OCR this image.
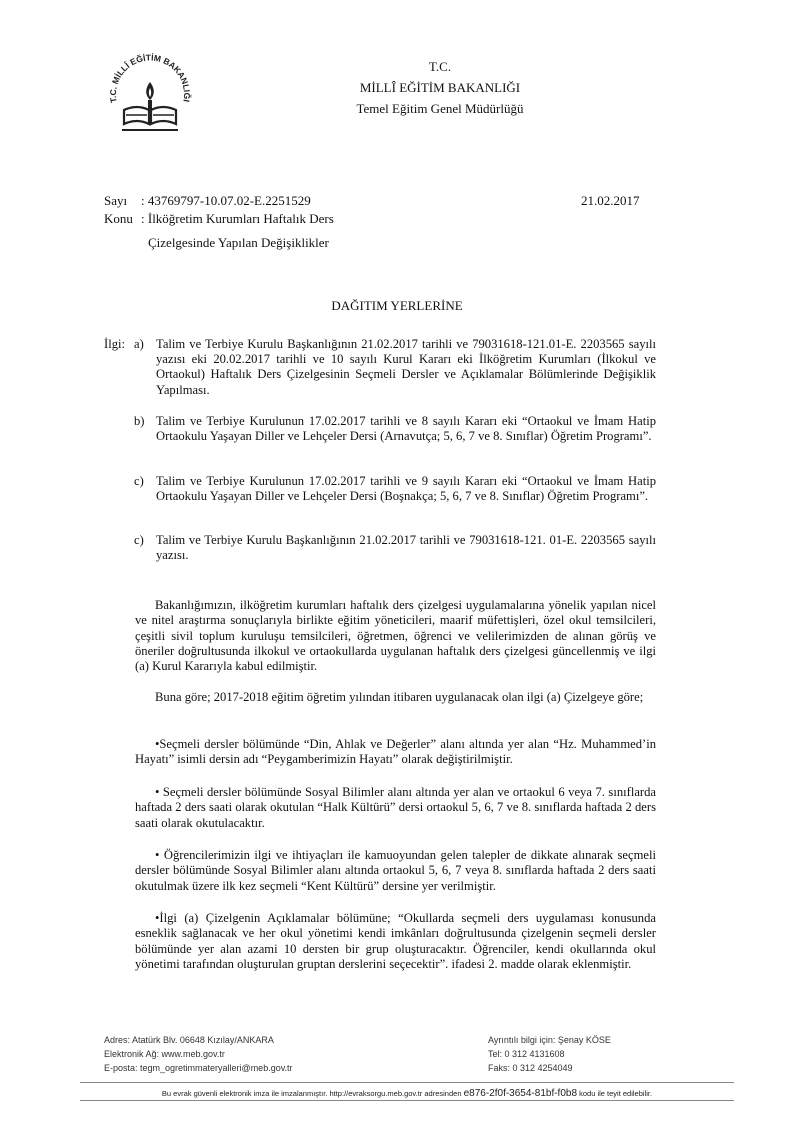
T.C. MİLLÎ EĞİTİM BAKANLIĞI
T.C.
MİLLÎ EĞİTİM BAKANLIĞI
Temel Eğitim Genel Müdürlüğü
Sayı : 43769797-10.07.02-E.2251529	21.02.2017
Konu : İlköğretim Kurumları Haftalık Ders
Çizelgesinde Yapılan Değişiklikler
DAĞITIM YERLERİNE
İlgi: a) Talim ve Terbiye Kurulu Başkanlığının 21.02.2017 tarihli ve 79031618-121.01-E. 2203565 sayılı yazısı eki 20.02.2017 tarihli ve 10 sayılı Kurul Kararı eki İlköğretim Kurumları (İlkokul ve Ortaokul) Haftalık Ders Çizelgesinin Seçmeli Dersler ve Açıklamalar Bölümlerinde Değişiklik Yapılması.
b) Talim ve Terbiye Kurulunun 17.02.2017 tarihli ve 8 sayılı Kararı eki “Ortaokul ve İmam Hatip Ortaokulu Yaşayan Diller ve Lehçeler Dersi (Arnavutça; 5, 6, 7 ve 8. Sınıflar) Öğretim Programı”.
c) Talim ve Terbiye Kurulunun 17.02.2017 tarihli ve 9 sayılı Kararı eki “Ortaokul ve İmam Hatip Ortaokulu Yaşayan Diller ve Lehçeler Dersi (Boşnakça; 5, 6, 7 ve 8. Sınıflar) Öğretim Programı”.
c) Talim ve Terbiye Kurulu Başkanlığının 21.02.2017 tarihli ve 79031618-121. 01-E. 2203565 sayılı yazısı.
Bakanlığımızın, ilköğretim kurumları haftalık ders çizelgesi uygulamalarına yönelik yapılan nicel ve nitel araştırma sonuçlarıyla birlikte eğitim yöneticileri, maarif müfettişleri, özel okul temsilcileri, çeşitli sivil toplum kuruluşu temsilcileri, öğretmen, öğrenci ve velilerimizden de alınan görüş ve öneriler doğrultusunda ilkokul ve ortaokullarda uygulanan haftalık ders çizelgesi güncellenmiş ve ilgi (a) Kurul Kararıyla kabul edilmiştir.
Buna göre; 2017-2018 eğitim öğretim yılından itibaren uygulanacak olan ilgi (a) Çizelgeye göre;
•Seçmeli dersler bölümünde “Din, Ahlak ve Değerler” alanı altında yer alan “Hz. Muhammed’in Hayatı” isimli dersin adı “Peygamberimizin Hayatı” olarak değiştirilmiştir.
• Seçmeli dersler bölümünde Sosyal Bilimler alanı altında yer alan ve ortaokul 6 veya 7. sınıflarda haftada 2 ders saati olarak okutulan “Halk Kültürü” dersi ortaokul 5, 6, 7 ve 8. sınıflarda haftada 2 ders saati olarak okutulacaktır.
• Öğrencilerimizin ilgi ve ihtiyaçları ile kamuoyundan gelen talepler de dikkate alınarak seçmeli dersler bölümünde Sosyal Bilimler alanı altında ortaokul 5, 6, 7 veya 8. sınıflarda haftada 2 ders saati okutulmak üzere ilk kez seçmeli “Kent Kültürü” dersine yer verilmiştir.
•İlgi (a) Çizelgenin Açıklamalar bölümüne; “Okullarda seçmeli ders uygulaması konusunda esneklik sağlanacak ve her okul yönetimi kendi imkânları doğrultusunda çizelgenin seçmeli dersler bölümünde yer alan azami 10 dersten bir grup oluşturacaktır. Öğrenciler, kendi okullarında okul yönetimi tarafından oluşturulan gruptan derslerini seçecektir”. ifadesi 2. madde olarak eklenmiştir.
Adres: Atatürk Blv. 06648 Kızılay/ANKARA
Elektronik Ağ: www.meb.gov.tr
E-posta: tegm_ogretimmateryalleri@meb.gov.tr
Ayrıntılı bilgi için: Şenay KÖSE
Tel: 0 312 4131608
Faks: 0 312 4254049
Bu evrak güvenli elektronik imza ile imzalanmıştır. http://evraksorgu.meb.gov.tr adresinden e876-2f0f-3654-81bf-f0b8 kodu ile teyit edilebilir.
